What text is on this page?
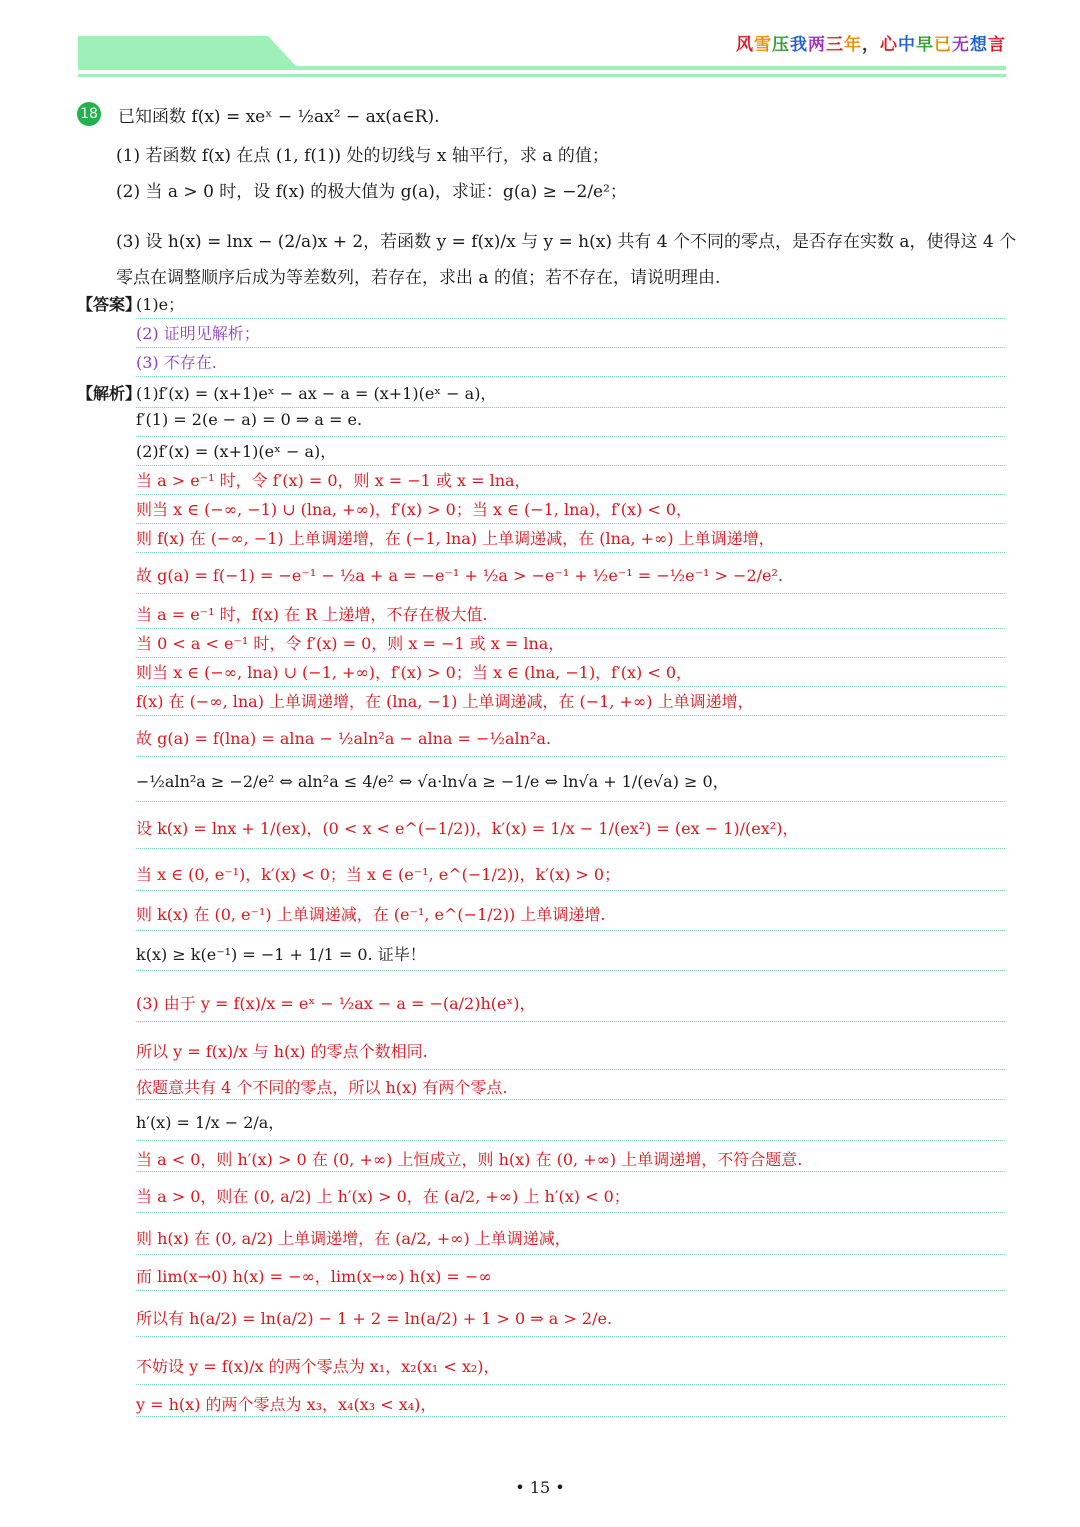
风雪压我两三年，心中早已无想言
18 已知函数 f(x) = xeˣ − ½ax² − ax(a∈R).
(1) 若函数 f(x) 在点 (1, f(1)) 处的切线与 x 轴平行，求 a 的值；
(2) 当 a > 0 时，设 f(x) 的极大值为 g(a)，求证：g(a) ≥ −2/e²；
(3) 设 h(x) = lnx − (2/a)x + 2，若函数 y = f(x)/x 与 y = h(x) 共有 4 个不同的零点，是否存在实数 a，使得这 4 个
零点在调整顺序后成为等差数列，若存在，求出 a 的值；若不存在，请说明理由.
【答案】
(1)e；
(2) 证明见解析；
(3) 不存在.
【解析】
(1)f′(x) = (x+1)eˣ − ax − a = (x+1)(eˣ − a)，
f′(1) = 2(e − a) = 0 ⇒ a = e.
(2)f′(x) = (x+1)(eˣ − a)，
当 a > e⁻¹ 时，令 f′(x) = 0，则 x = −1 或 x = lna，
则当 x ∈ (−∞, −1) ∪ (lna, +∞)，f′(x) > 0；当 x ∈ (−1, lna)，f′(x) < 0，
则 f(x) 在 (−∞, −1) 上单调递增，在 (−1, lna) 上单调递减，在 (lna, +∞) 上单调递增，
故 g(a) = f(−1) = −e⁻¹ − ½a + a = −e⁻¹ + ½a > −e⁻¹ + ½e⁻¹ = −½e⁻¹ > −2/e².
当 a = e⁻¹ 时，f(x) 在 R 上递增，不存在极大值.
当 0 < a < e⁻¹ 时，令 f′(x) = 0，则 x = −1 或 x = lna，
则当 x ∈ (−∞, lna) ∪ (−1, +∞)，f′(x) > 0；当 x ∈ (lna, −1)，f′(x) < 0，
f(x) 在 (−∞, lna) 上单调递增，在 (lna, −1) 上单调递减，在 (−1, +∞) 上单调递增，
故 g(a) = f(lna) = alna − ½aln²a − alna = −½aln²a.
−½aln²a ≥ −2/e² ⇔ aln²a ≤ 4/e² ⇔ √a·ln√a ≥ −1/e ⇔ ln√a + 1/(e√a) ≥ 0，
设 k(x) = lnx + 1/(ex)，(0 < x < e^(−1/2))，k′(x) = 1/x − 1/(ex²) = (ex − 1)/(ex²)，
当 x ∈ (0, e⁻¹)，k′(x) < 0；当 x ∈ (e⁻¹, e^(−1/2))，k′(x) > 0；
则 k(x) 在 (0, e⁻¹) 上单调递减，在 (e⁻¹, e^(−1/2)) 上单调递增.
k(x) ≥ k(e⁻¹) = −1 + 1/1 = 0. 证毕！
(3) 由于 y = f(x)/x = eˣ − ½ax − a = −(a/2)h(eˣ)，
所以 y = f(x)/x 与 h(x) 的零点个数相同.
依题意共有 4 个不同的零点，所以 h(x) 有两个零点.
h′(x) = 1/x − 2/a，
当 a < 0，则 h′(x) > 0 在 (0, +∞) 上恒成立，则 h(x) 在 (0, +∞) 上单调递增，不符合题意.
当 a > 0，则在 (0, a/2) 上 h′(x) > 0，在 (a/2, +∞) 上 h′(x) < 0；
则 h(x) 在 (0, a/2) 上单调递增，在 (a/2, +∞) 上单调递减，
而 lim(x→0) h(x) = −∞，lim(x→∞) h(x) = −∞
所以有 h(a/2) = ln(a/2) − 1 + 2 = ln(a/2) + 1 > 0 ⇒ a > 2/e.
不妨设 y = f(x)/x 的两个零点为 x₁，x₂(x₁ < x₂)，
y = h(x) 的两个零点为 x₃，x₄(x₃ < x₄)，
• 15 •
